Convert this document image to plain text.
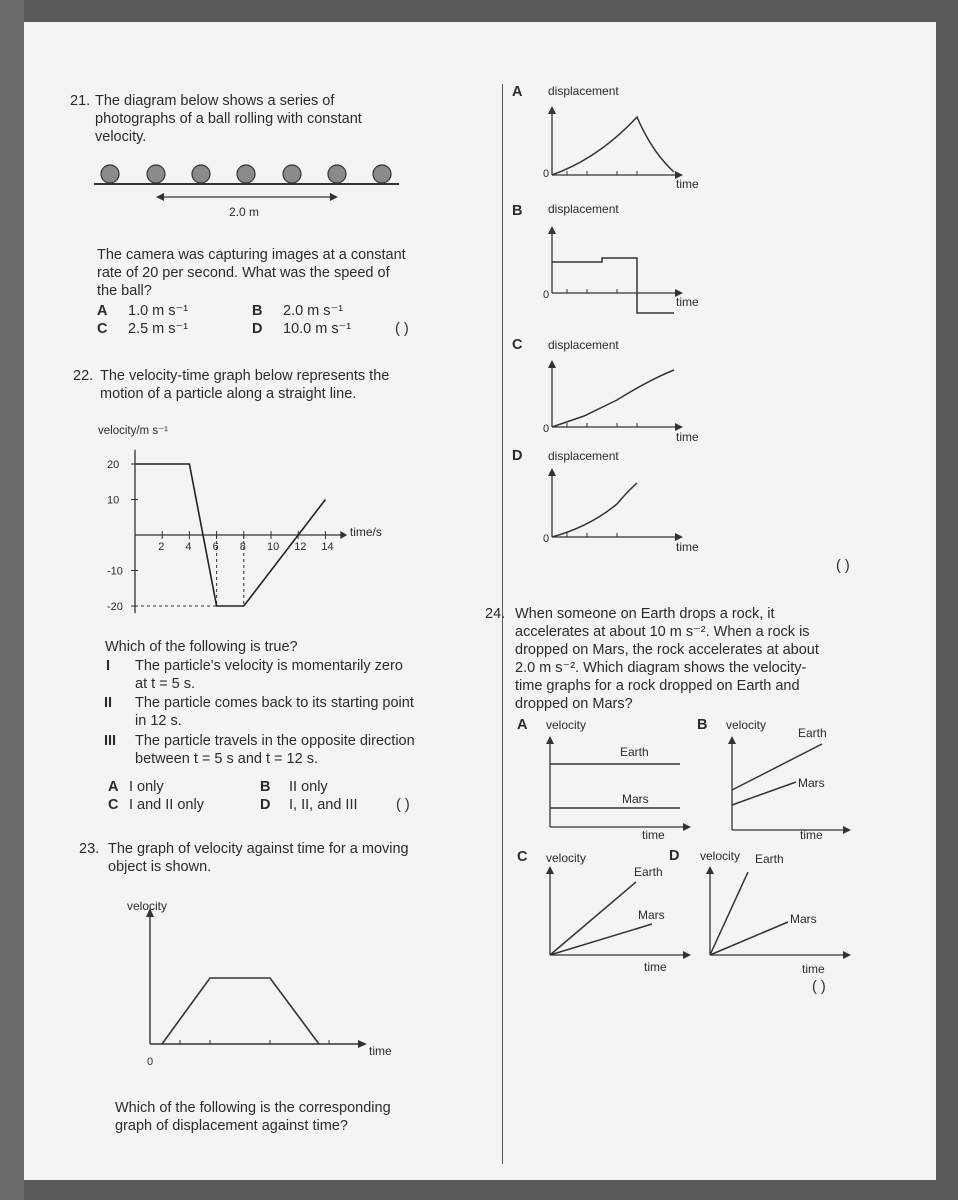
21. The diagram below shows a series of
photographs of a ball rolling with constant
velocity.
2.0 m
The camera was capturing images at a constant
rate of 20 per second. What was the speed of
the ball?
A 1.0 m s⁻¹	B 2.0 m s⁻¹
C 2.5 m s⁻¹	D 10.0 m s⁻¹	( )
22. The velocity-time graph below represents the
motion of a particle along a straight line.
time/s
velocity/m s⁻¹
2 4 6 8 10 12 14
20
10
-10
-20
Which of the following is true?
I The particle's velocity is momentarily zero
at t = 5 s.
II The particle comes back to its starting point
in 12 s.
III The particle travels in the opposite direction
between t = 5 s and t = 12 s.
A I only	B II only
C I and II only	D I, II, and III	( )
23. The graph of velocity against time for a moving
object is shown.
velocity
time
0
Which of the following is the corresponding
graph of displacement against time?
A displacement
time
0
B displacement
time
0
C displacement
time
0
D displacement
time
0
( )
24. When someone on Earth drops a rock, it
accelerates at about 10 m s⁻². When a rock is
dropped on Mars, the rock accelerates at about
2.0 m s⁻². Which diagram shows the velocity-
time graphs for a rock dropped on Earth and
dropped on Mars?
A velocity
Earth
Mars
time
B velocity
Earth
Mars
time
C velocity
Earth
Mars
time
D velocity Earth
Mars
time
( )
